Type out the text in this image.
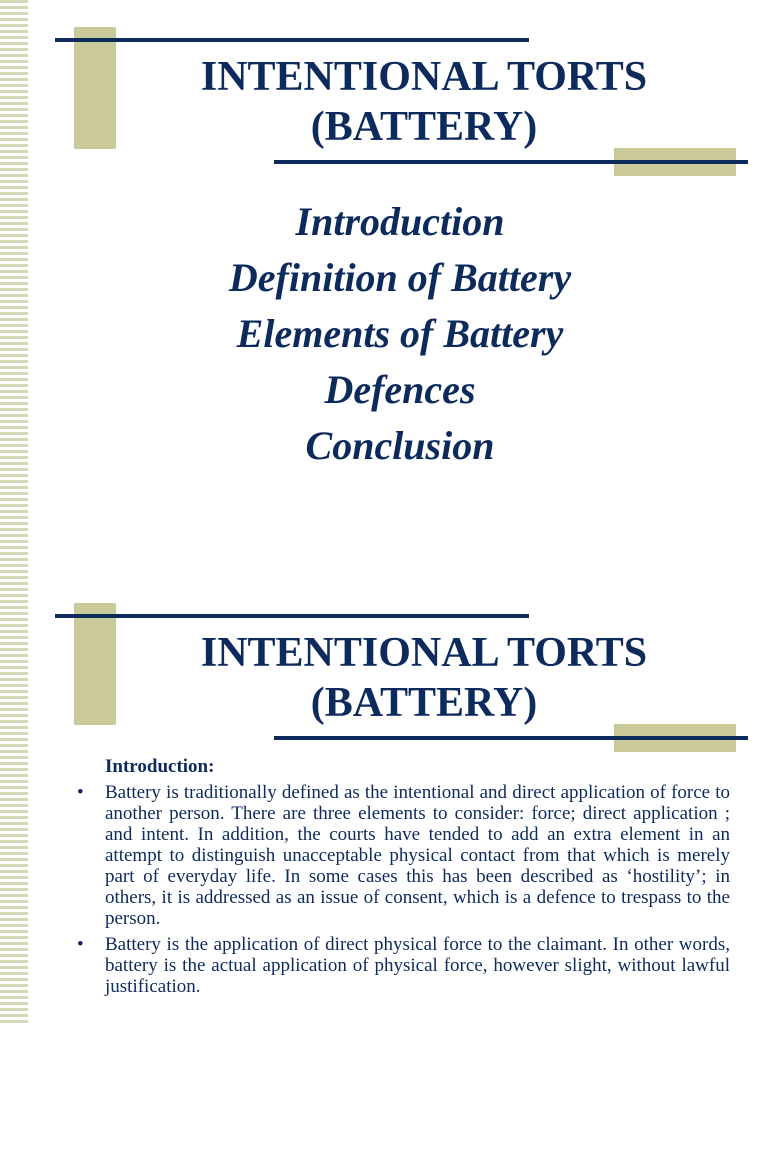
INTENTIONAL TORTS
(BATTERY)
Introduction
Definition of Battery
Elements of Battery
Defences
Conclusion
INTENTIONAL TORTS
(BATTERY)
Introduction:
• Battery is traditionally defined as the intentional and direct application of force to another person. There are three elements to consider: force; direct application ; and intent. In addition, the courts have tended to add an extra element in an attempt to distinguish unacceptable physical contact from that which is merely part of everyday life. In some cases this has been described as ‘hostility’; in others, it is addressed as an issue of consent, which is a defence to trespass to the person.
• Battery is the application of direct physical force to the claimant. In other words, battery is the actual application of physical force, however slight, without lawful justification.
